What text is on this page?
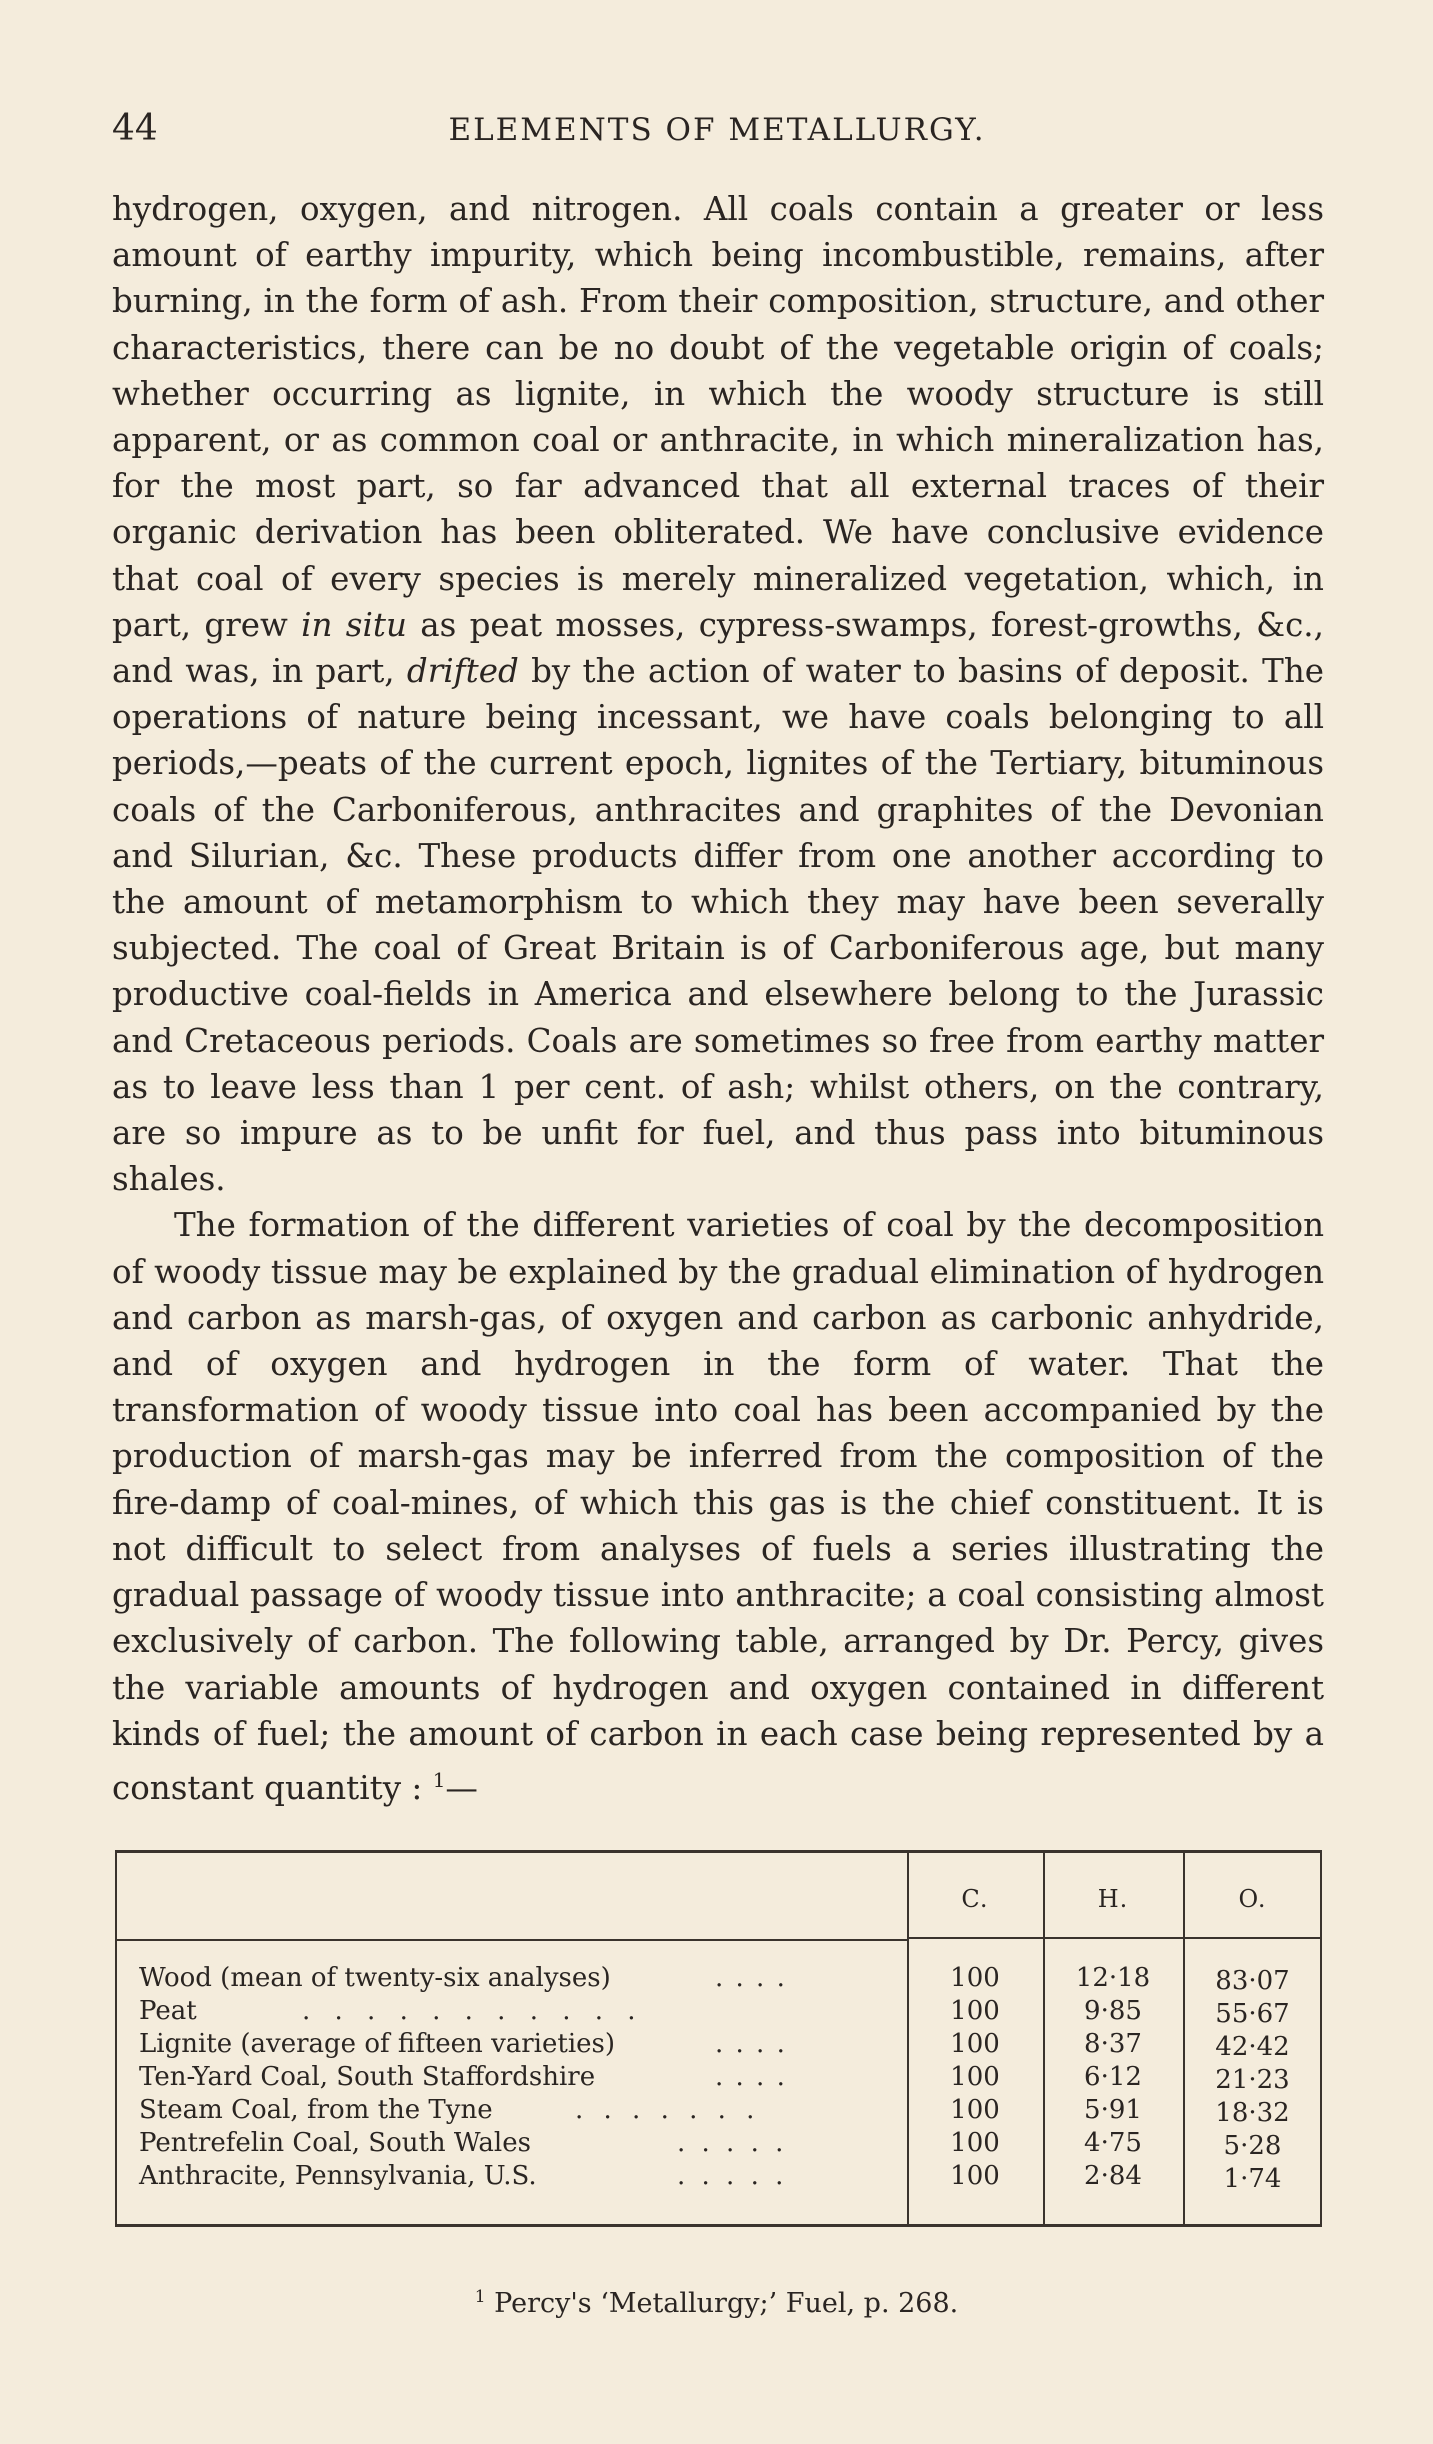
44	ELEMENTS OF METALLURGY.

hydrogen, oxygen, and nitrogen. All coals contain a greater or less amount of earthy impurity, which being incombustible, remains, after burning, in the form of ash. From their composition, structure, and other characteristics, there can be no doubt of the vegetable origin of coals; whether occurring as lignite, in which the woody structure is still apparent, or as common coal or anthracite, in which mineralization has, for the most part, so far advanced that all external traces of their organic derivation has been obliterated. We have conclusive evidence that coal of every species is merely mineralized vegetation, which, in part, grew in situ as peat mosses, cypress-swamps, forest-growths, &c., and was, in part, drifted by the action of water to basins of deposit. The operations of nature being incessant, we have coals belonging to all periods,—peats of the current epoch, lignites of the Tertiary, bituminous coals of the Carboniferous, anthracites and graphites of the Devonian and Silurian, &c. These products differ from one another according to the amount of metamorphism to which they may have been severally subjected. The coal of Great Britain is of Carboniferous age, but many productive coal-fields in America and elsewhere belong to the Jurassic and Cretaceous periods. Coals are sometimes so free from earthy matter as to leave less than 1 per cent. of ash; whilst others, on the contrary, are so impure as to be unfit for fuel, and thus pass into bituminous shales.

The formation of the different varieties of coal by the decomposition of woody tissue may be explained by the gradual elimination of hydrogen and carbon as marsh-gas, of oxygen and carbon as carbonic anhydride, and of oxygen and hydrogen in the form of water. That the transformation of woody tissue into coal has been accompanied by the production of marsh-gas may be inferred from the composition of the fire-damp of coal-mines, of which this gas is the chief constituent. It is not difficult to select from analyses of fuels a series illustrating the gradual passage of woody tissue into anthracite; a coal consisting almost exclusively of carbon. The following table, arranged by Dr. Percy, gives the variable amounts of hydrogen and oxygen contained in different kinds of fuel; the amount of carbon in each case being represented by a constant quantity : $^1$—

C.	H.	O.
Wood (mean of twenty-six analyses)	. . . .	100	12·18	83·07
Peat	. . . . . . . . . . .	100	9·85	55·67
Lignite (average of fifteen varieties)	. . . .	100	8·37	42·42
Ten-Yard Coal, South Staffordshire	. . . .	100	6·12	21·23
Steam Coal, from the Tyne	. . . . . . .	100	5·91	18·32
Pentrefelin Coal, South Wales	. . . . .	100	4·75	5·28
Anthracite, Pennsylvania, U.S.	. . . . .	100	2·84	1·74
$^1$ Percy's ‘Metallurgy;’ Fuel, p. 268.
